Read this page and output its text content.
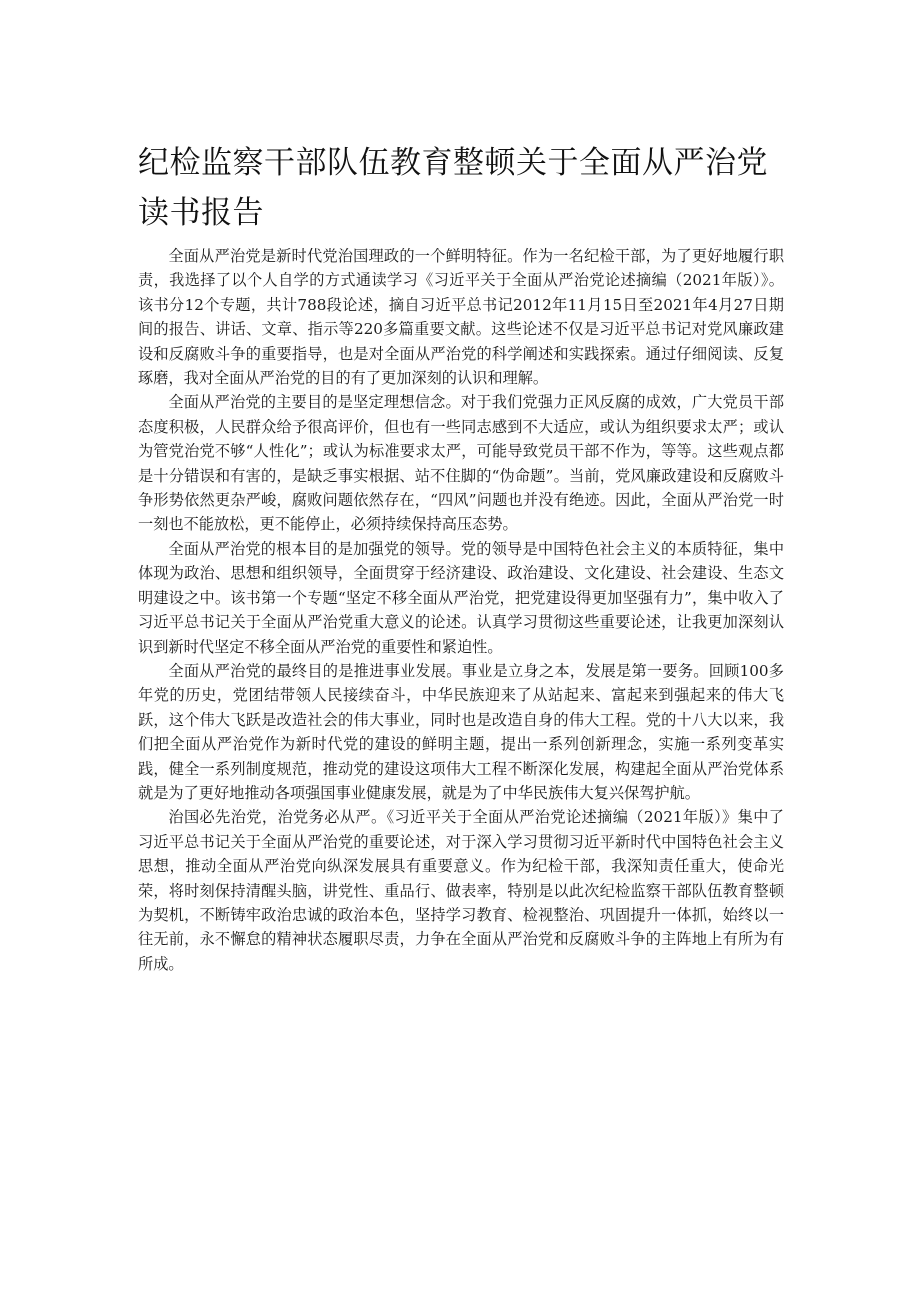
纪检监察干部队伍教育整顿关于全面从严治党读书报告

全面从严治党是新时代党治国理政的一个鲜明特征。作为一名纪检干部，为了更好地履行职责，我选择了以个人自学的方式通读学习《习近平关于全面从严治党论述摘编（2021年版）》。该书分12个专题，共计788段论述，摘自习近平总书记2012年11月15日至2021年4月27日期间的报告、讲话、文章、指示等220多篇重要文献。这些论述不仅是习近平总书记对党风廉政建设和反腐败斗争的重要指导，也是对全面从严治党的科学阐述和实践探索。通过仔细阅读、反复琢磨，我对全面从严治党的目的有了更加深刻的认识和理解。

全面从严治党的主要目的是坚定理想信念。对于我们党强力正风反腐的成效，广大党员干部态度积极，人民群众给予很高评价，但也有一些同志感到不大适应，或认为组织要求太严；或认为管党治党不够“人性化”；或认为标准要求太严，可能导致党员干部不作为，等等。这些观点都是十分错误和有害的，是缺乏事实根据、站不住脚的“伪命题”。当前，党风廉政建设和反腐败斗争形势依然更杂严峻，腐败问题依然存在，“四风”问题也并没有绝迹。因此，全面从严治党一时一刻也不能放松，更不能停止，必须持续保持高压态势。

全面从严治党的根本目的是加强党的领导。党的领导是中国特色社会主义的本质特征，集中体现为政治、思想和组织领导，全面贯穿于经济建设、政治建设、文化建设、社会建设、生态文明建设之中。该书第一个专题“坚定不移全面从严治党，把党建设得更加坚强有力”，集中收入了习近平总书记关于全面从严治党重大意义的论述。认真学习贯彻这些重要论述，让我更加深刻认识到新时代坚定不移全面从严治党的重要性和紧迫性。

全面从严治党的最终目的是推进事业发展。事业是立身之本，发展是第一要务。回顾100多年党的历史，党团结带领人民接续奋斗，中华民族迎来了从站起来、富起来到强起来的伟大飞跃，这个伟大飞跃是改造社会的伟大事业，同时也是改造自身的伟大工程。党的十八大以来，我们把全面从严治党作为新时代党的建设的鲜明主题，提出一系列创新理念，实施一系列变革实践，健全一系列制度规范，推动党的建设这项伟大工程不断深化发展，构建起全面从严治党体系就是为了更好地推动各项强国事业健康发展，就是为了中华民族伟大复兴保驾护航。

治国必先治党，治党务必从严。《习近平关于全面从严治党论述摘编（2021年版）》集中了习近平总书记关于全面从严治党的重要论述，对于深入学习贯彻习近平新时代中国特色社会主义思想，推动全面从严治党向纵深发展具有重要意义。作为纪检干部，我深知责任重大，使命光荣，将时刻保持清醒头脑，讲党性、重品行、做表率，特别是以此次纪检监察干部队伍教育整顿为契机，不断铸牢政治忠诚的政治本色，坚持学习教育、检视整治、巩固提升一体抓，始终以一往无前，永不懈怠的精神状态履职尽责，力争在全面从严治党和反腐败斗争的主阵地上有所为有所成。
